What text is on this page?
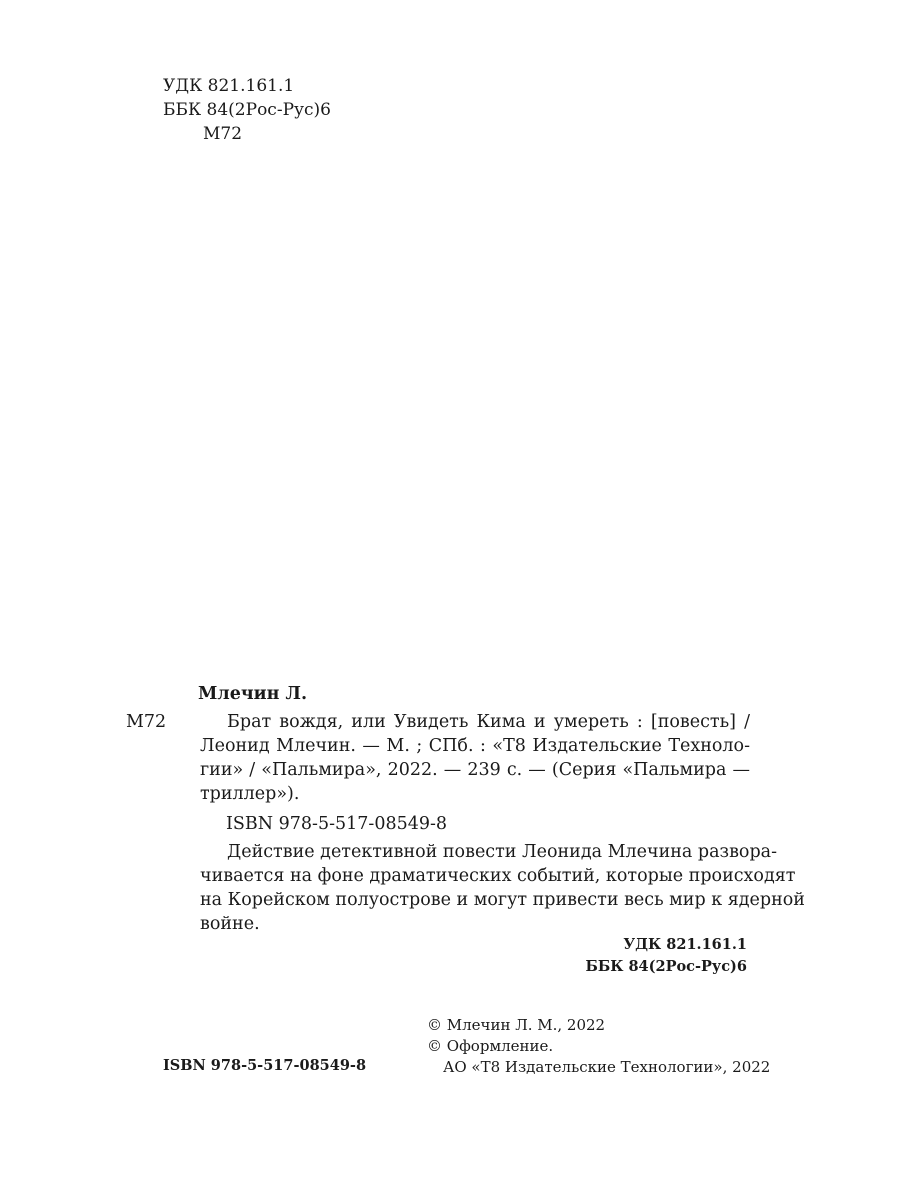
УДК 821.161.1
ББК 84(2Рос-Рус)6
М72
Млечин Л.
М72	Брат вождя, или Увидеть Кима и умереть : [повесть] /
Леонид Млечин. — М. ; СПб. : «Т8 Издательские Техноло-
гии» / «Пальмира», 2022. — 239 с. — (Серия «Пальмира —
триллер»).
ISBN 978-5-517-08549-8
Действие детективной повести Леонида Млечина развора-
чивается на фоне драматических событий, которые происходят
на Корейском полуострове и могут привести весь мир к ядерной
войне.
УДК 821.161.1
ББК 84(2Рос-Рус)6
© Млечин Л. М., 2022
© Оформление.
АО «Т8 Издательские Технологии», 2022
ISBN 978-5-517-08549-8
